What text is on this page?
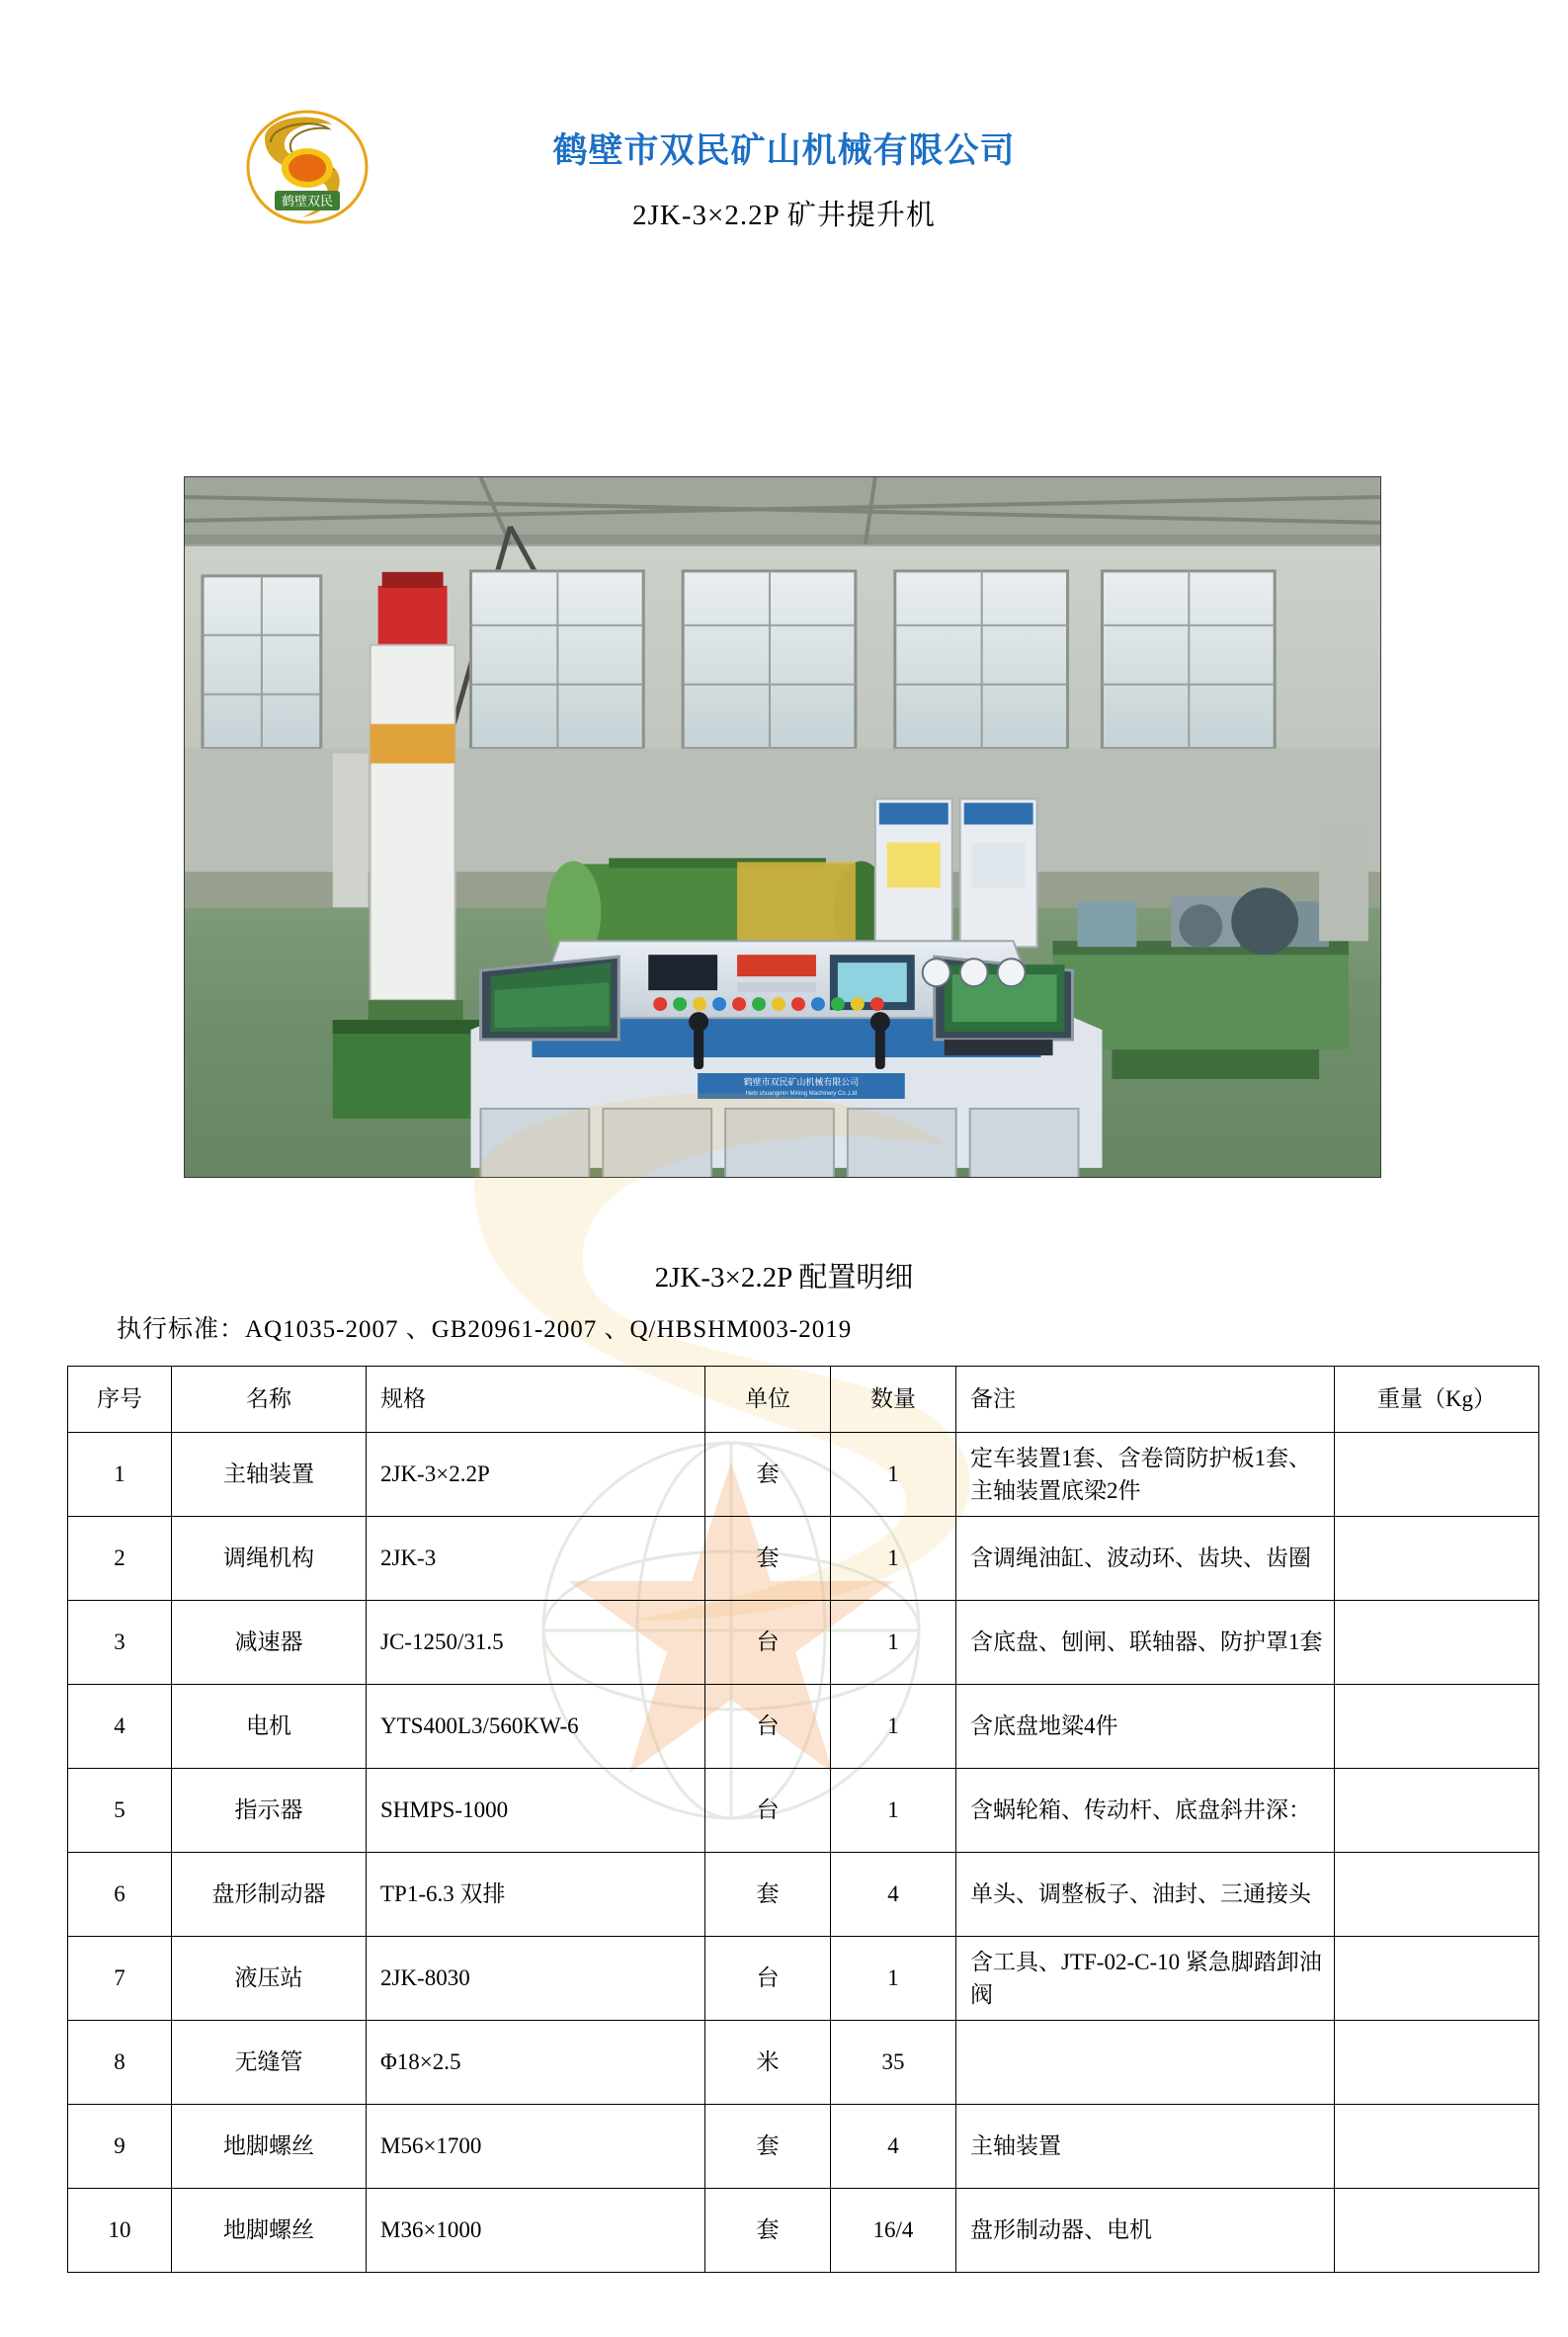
鹤壁双民
鹤壁市双民矿山机械有限公司
2JK-3×2.2P 矿井提升机
鹤壁市双民矿山机械有限公司
Hebi shuangmin Mining Machinery Co.,Ltd
2JK-3×2.2P 配置明细
执行标准：AQ1035-2007 、GB20961-2007 、Q/HBSHM003-2019
序号	名称	规格	单位	数量	备注	重量（Kg）
1	主轴装置	2JK-3×2.2P	套	1	定车装置1套、含卷筒防护板1套、主轴装置底梁2件	
2	调绳机构	2JK-3	套	1	含调绳油缸、波动环、齿块、齿圈	
3	减速器	JC-1250/31.5	台	1	含底盘、刨闸、联轴器、防护罩1套	
4	电机	YTS400L3/560KW-6	台	1	含底盘地粱4件	
5	指示器	SHMPS-1000	台	1	含蜗轮箱、传动杆、底盘斜井深：	
6	盘形制动器	TP1-6.3 双排	套	4	单头、调整板子、油封、三通接头	
7	液压站	2JK-8030	台	1	含工具、JTF-02-C-10 紧急脚踏卸油阀	
8	无缝管	Φ18×2.5	米	35		
9	地脚螺丝	M56×1700	套	4	主轴装置	
10	地脚螺丝	M36×1000	套	16/4	盘形制动器、电机	
